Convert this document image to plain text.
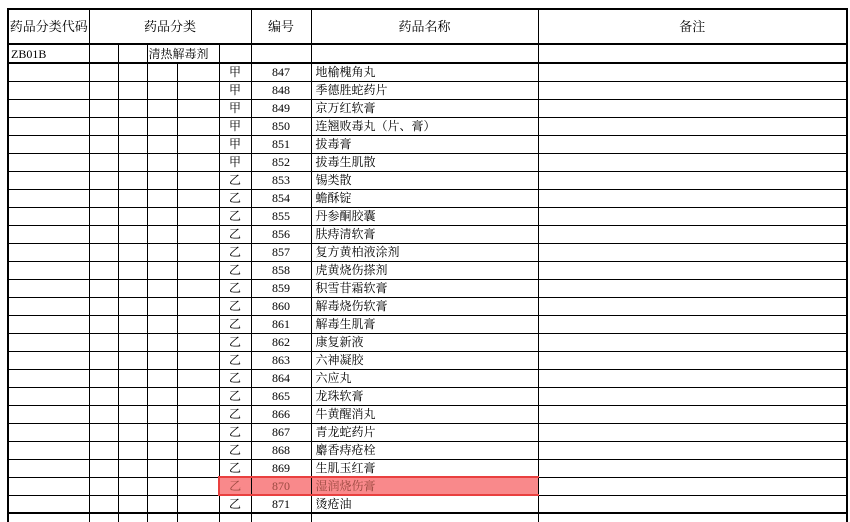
药品分类代码	药品分类					编号	药品名称	备注
ZB01B			清热解毒剂					
					甲	847	地榆槐角丸	
					甲	848	季德胜蛇药片	
					甲	849	京万红软膏	
					甲	850	连翘败毒丸（片、膏）	
					甲	851	拔毒膏	
					甲	852	拔毒生肌散	
					乙	853	锡类散	
					乙	854	蟾酥锭	
					乙	855	丹参酮胶囊	
					乙	856	肤痔清软膏	
					乙	857	复方黄柏液涂剂	
					乙	858	虎黄烧伤搽剂	
					乙	859	积雪苷霜软膏	
					乙	860	解毒烧伤软膏	
					乙	861	解毒生肌膏	
					乙	862	康复新液	
					乙	863	六神凝胶	
					乙	864	六应丸	
					乙	865	龙珠软膏	
					乙	866	牛黄醒消丸	
					乙	867	青龙蛇药片	
					乙	868	麝香痔疮栓	
					乙	869	生肌玉红膏	
					乙	870	湿润烧伤膏	
					乙	871	烫疮油	
